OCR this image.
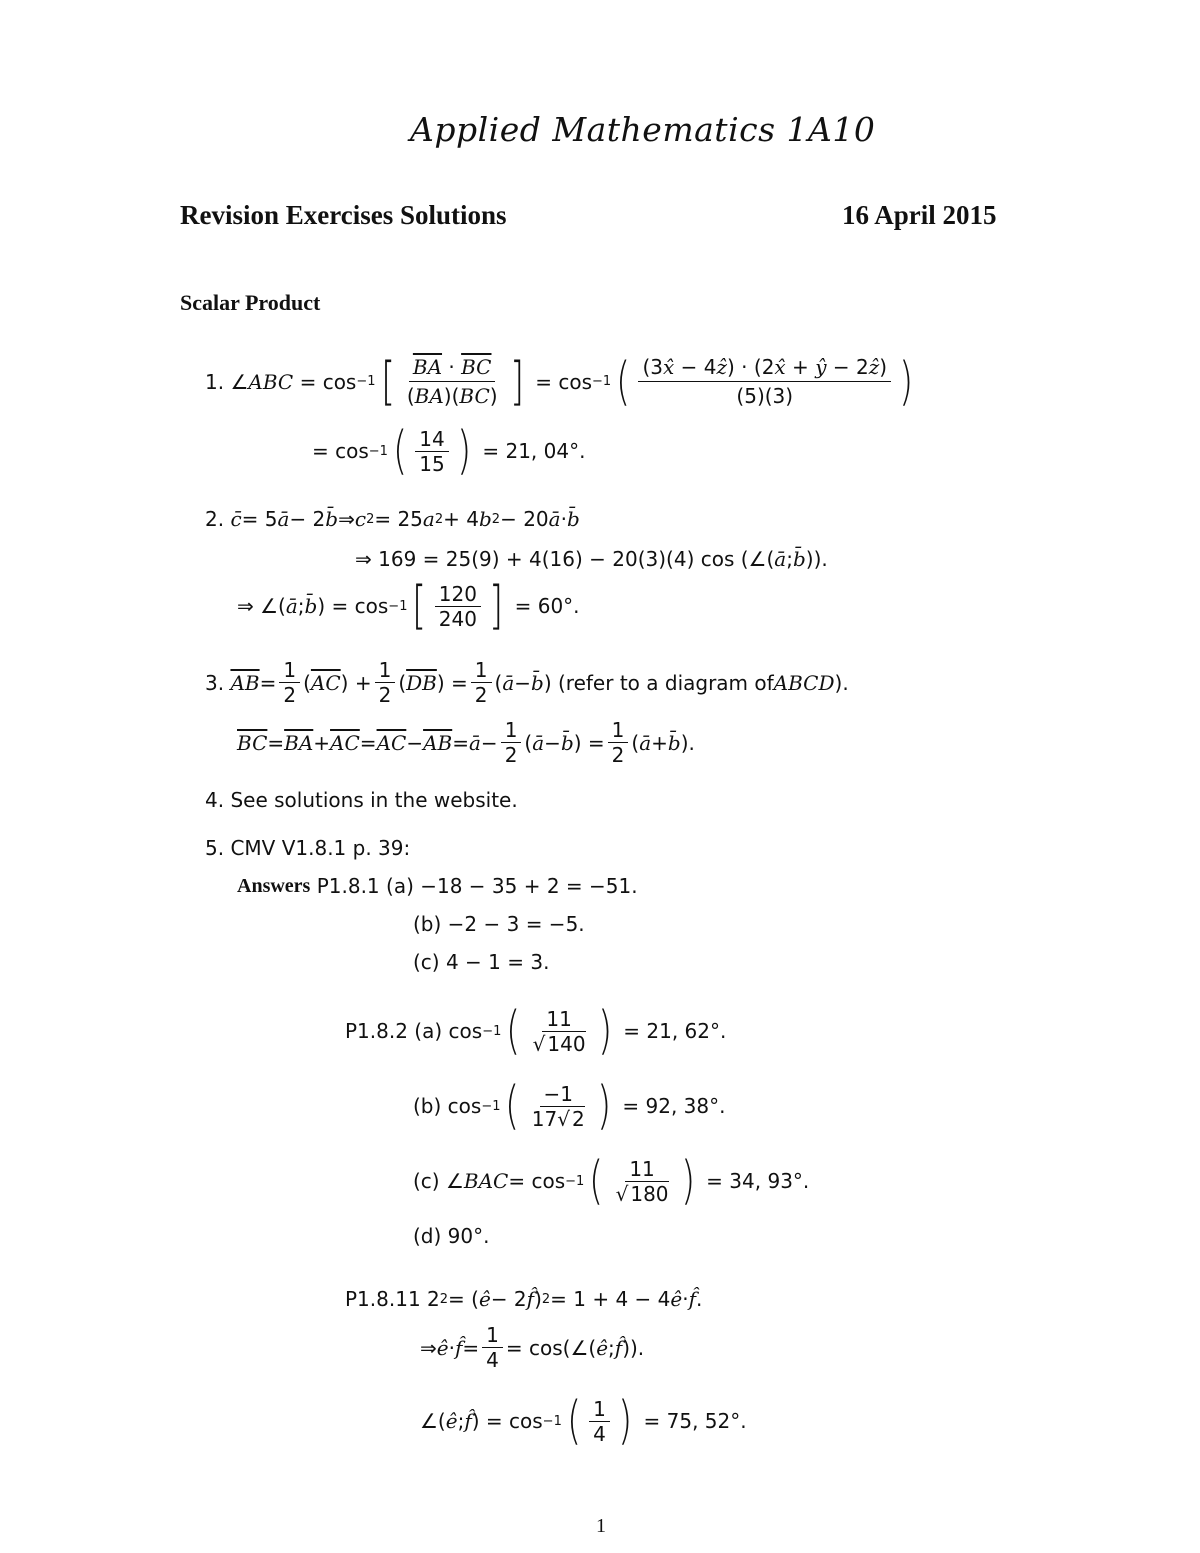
Applied Mathematics 1A10
Revision Exercises Solutions	16 April 2015
Scalar Product
1. ∠ ABC = cos −1 [ $\frac{\overline{BA} \cdot \overline{BC}}{(BA)(BC)}$ ] = cos −1 ( $\frac{\text{(3x̂ − 4ẑ) · (2x̂ + ŷ − 2ẑ)}}{(5)(3)}$ )
= cos −1 ( $\frac{14}{15}$ ) = 21, 04°.
2.
c̄ = 5 ā − 2 b̄ ⇒ c 2 = 25 a 2 + 4 b 2 − 20 ā · b̄
⇒ 169 = 25(9) + 4(16) − 20(3)(4) cos (∠( ā ; b̄ )).
⇒ ∠( ā ; b̄ ) = cos −1 [ $\frac{120}{240}$ ] = 60°.
3.
$\overline{AB} = \frac{1}{2}$ ( $\overline{AC}$ ) + $\frac{1}{2}$ ( $\overline{DB}$ ) = $\frac{1}{2}$ ( ā − b̄ ) (refer to a diagram of ABCD ).
$\overline{BC} = \overline{BA} + \overline{AC} = \overline{AC} - \overline{AB}$ = ā − $\frac{1}{2}$ ( ā − b̄ ) = $\frac{1}{2}$ ( ā + b̄ ).
4.
See solutions in the website.
5.
CMV V1.8.1 p. 39:
Answers
P1.8.1 (a) −18 − 35 + 2 = −51.
(b) −2 − 3 = −5.
(c) 4 − 1 = 3.
P1.8.2 (a) cos −1 ( $\frac{11}{√ 140}$ ) = 21, 62°.
(b) cos −1 ( $\frac{-1}{17√ 2}$ ) = 92, 38°.
(c) ∠ BAC = cos −1 ( $\frac{11}{√ 180}$ ) = 34, 93°.
(d) 90°.
P1.8.11 2 2 = ( ê − 2 f̂ ) 2 = 1 + 4 − 4 ê · f̂ .
⇒ ê · f̂ = $\frac{1}{4}$ = cos(∠( ê ; f̂ )).
∠( ê ; f̂ ) = cos −1 ( $\frac{1}{4}$ ) = 75, 52°.
1
